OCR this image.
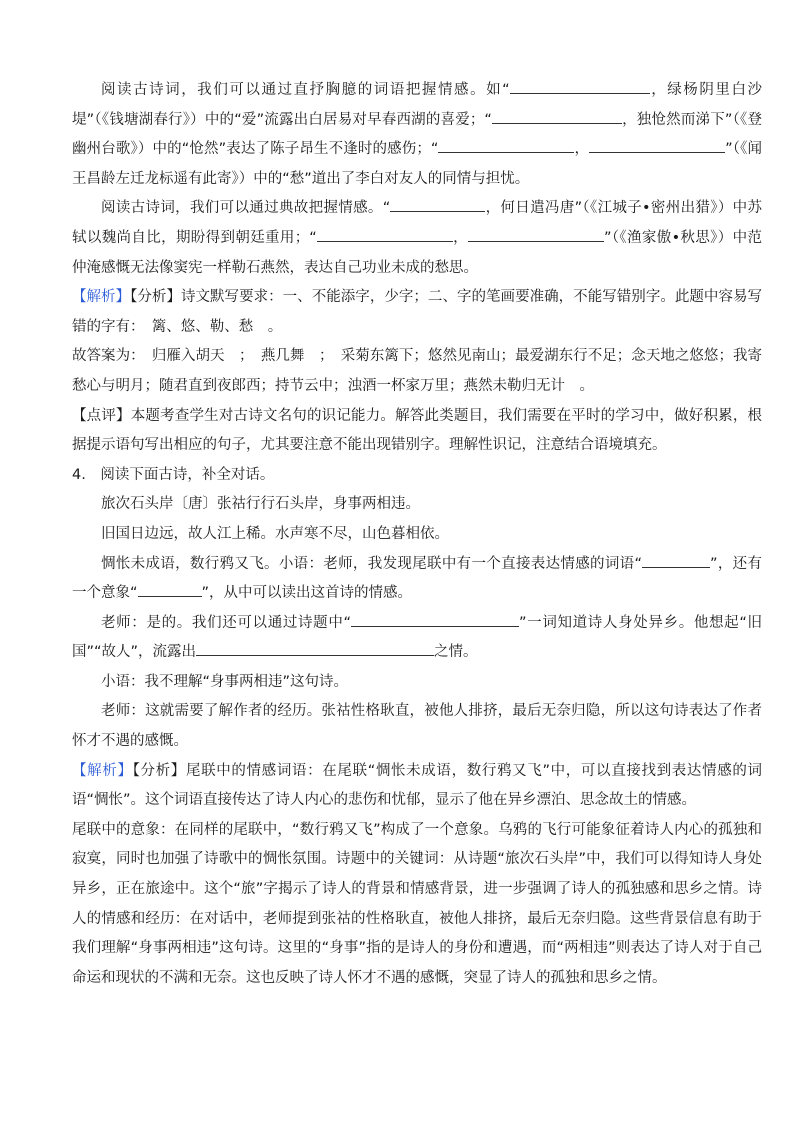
阅读古诗词，我们可以通过直抒胸臆的词语把握情感。如“	，绿杨阴里白沙堤”（《钱塘湖春行》）中的“爱”流露出白居易对早春西湖的喜爱；“	，独怆然而涕下”（《登幽州台歌》）中的“怆然”表达了陈子昂生不逢时的感伤；“	，	”（《闻王昌龄左迁龙标遥有此寄》）中的“愁”道出了李白对友人的同情与担忧。

阅读古诗词，我们可以通过典故把握情感。“	，何日遣冯唐”（《江城子•密州出猎》）中苏轼以魏尚自比，期盼得到朝廷重用；“	，	”（《渔家傲•秋思》）中范仲淹感慨无法像窦宪一样勒石燕然，表达自己功业未成的愁思。

【解析】【分析】诗文默写要求：一、不能添字，少字；二、字的笔画要准确，不能写错别字。此题中容易写错的字有：　篱、悠、勒、愁　。

故答案为：　归雁入胡天　；　燕几舞　；　采菊东篱下；悠然见南山；最爱湖东行不足；念天地之悠悠；我寄愁心与明月；随君直到夜郎西；持节云中；浊酒一杯家万里；燕然未勒归无计　。

【点评】本题考查学生对古诗文名句的识记能力。解答此类题目，我们需要在平时的学习中，做好积累，根据提示语句写出相应的句子，尤其要注意不能出现错别字。理解性识记，注意结合语境填充。

4.　 阅读下面古诗，补全对话。

旅次石头岸〔唐〕张祜行行石头岸，身事两相违。

旧国日边远，故人江上稀。水声寒不尽，山色暮相依。

惆怅未成语，数行鸦又飞。小语：老师，我发现尾联中有一个直接表达情感的词语“	”，还有一个意象“	”，从中可以读出这首诗的情感。

老师：是的。我们还可以通过诗题中“	”一词知道诗人身处异乡。他想起“旧国”“故人”，流露出	之情。

小语：我不理解“身事两相违”这句诗。

老师：这就需要了解作者的经历。张祜性格耿直，被他人排挤，最后无奈归隐，所以这句诗表达了作者怀才不遇的感慨。

【解析】【分析】尾联中的情感词语：在尾联“惆怅未成语，数行鸦又飞”中，可以直接找到表达情感的词语“惆怅”。这个词语直接传达了诗人内心的悲伤和忧郁，显示了他在异乡漂泊、思念故土的情感。

尾联中的意象：在同样的尾联中，“数行鸦又飞”构成了一个意象。乌鸦的飞行可能象征着诗人内心的孤独和寂寞，同时也加强了诗歌中的惆怅氛围。诗题中的关键词：从诗题“旅次石头岸”中，我们可以得知诗人身处异乡，正在旅途中。这个“旅”字揭示了诗人的背景和情感背景，进一步强调了诗人的孤独感和思乡之情。诗人的情感和经历：在对话中，老师提到张祜的性格耿直，被他人排挤，最后无奈归隐。这些背景信息有助于我们理解“身事两相违”这句诗。这里的“身事”指的是诗人的身份和遭遇，而“两相违”则表达了诗人对于自己命运和现状的不满和无奈。这也反映了诗人怀才不遇的感慨，突显了诗人的孤独和思乡之情。
